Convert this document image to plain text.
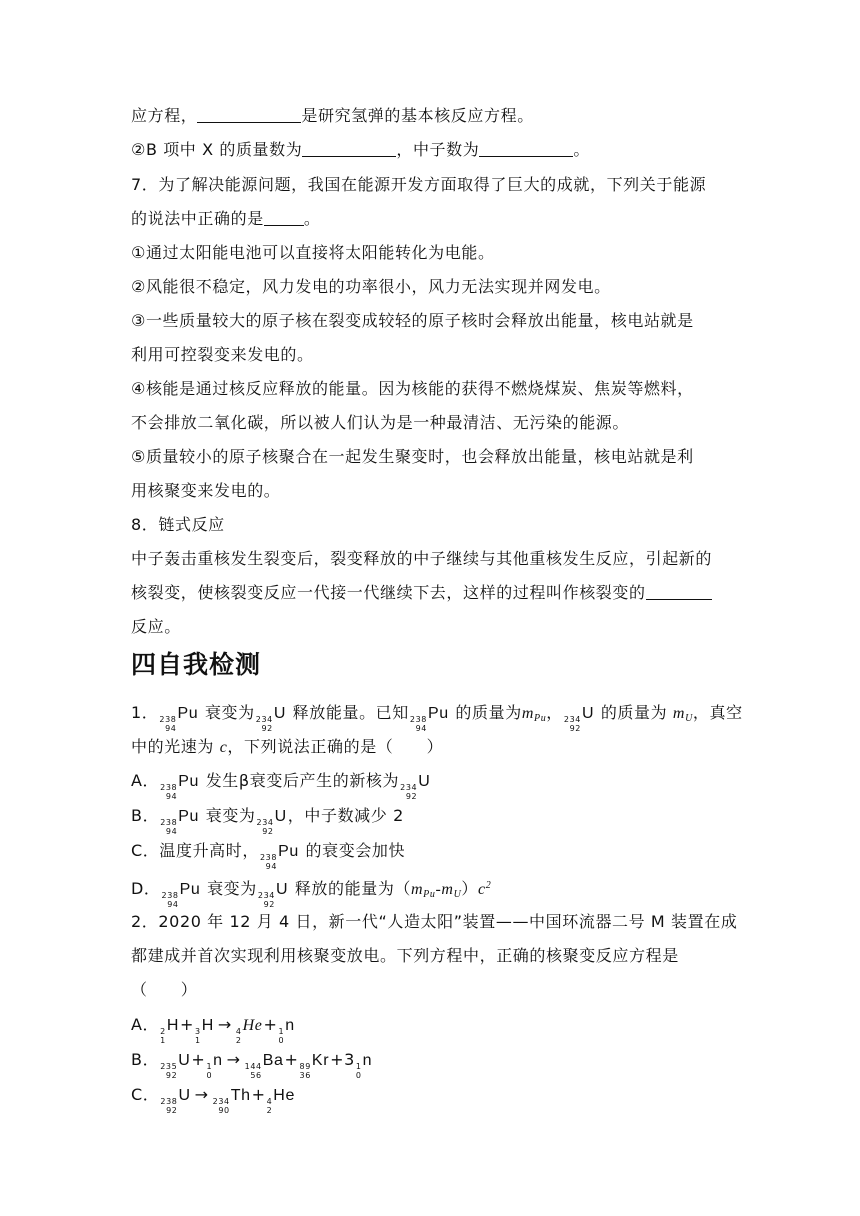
应方程，	是研究氢弹的基本核反应方程。
②B 项中 X 的质量数为	，中子数为	。
7．为了解决能源问题，我国在能源开发方面取得了巨大的成就，下列关于能源
的说法中正确的是	。
①通过太阳能电池可以直接将太阳能转化为电能。
②风能很不稳定，风力发电的功率很小，风力无法实现并网发电。
③一些质量较大的原子核在裂变成较轻的原子核时会释放出能量，核电站就是
利用可控裂变来发电的。
④核能是通过核反应释放的能量。因为核能的获得不燃烧煤炭、焦炭等燃料，
不会排放二氧化碳，所以被人们认为是一种最清洁、无污染的能源。
⑤质量较小的原子核聚合在一起发生聚变时，也会释放出能量，核电站就是利
用核聚变来发电的。
8．链式反应
中子轰击重核发生裂变后，裂变释放的中子继续与其他重核发生反应，引起新的
核裂变，使核裂变反应一代接一代继续下去，这样的过程叫作核裂变的
反应。
四自我检测
1． 238
94
Pu 衰变为 234
92
U 释放能量。已知 238
94
Pu 的质量为$m_{Pu}$， 234
92
U 的质量为 $m_U$，真空
中的光速为 c，下列说法正确的是（　　）
A． 238
94
Pu 发生β衰变后产生的新核为 234
92
U
B． 238
94
Pu 衰变为 234
92
U，中子数减少 2
C．温度升高时， 238
94
Pu 的衰变会加快
D． 238
94
Pu 衰变为 234
92
U 释放的能量为$(m_{Pu}-m_U)c^2$
2．2020 年 12 月 4 日，新一代“人造太阳”装置——中国环流器二号 M 装置在成
都建成并首次实现利用核聚变放电。下列方程中，正确的核聚变反应方程是
（　　）
A． 2
1
H+ 3
1
H → 4
2
He+ 1
0
n
B． 235
92
U+ 1
0
n → 144
56
Ba+ 89
36
Kr+3 1
0
n
C． 238
92
U → 234
90
Th+ 4
2
He
